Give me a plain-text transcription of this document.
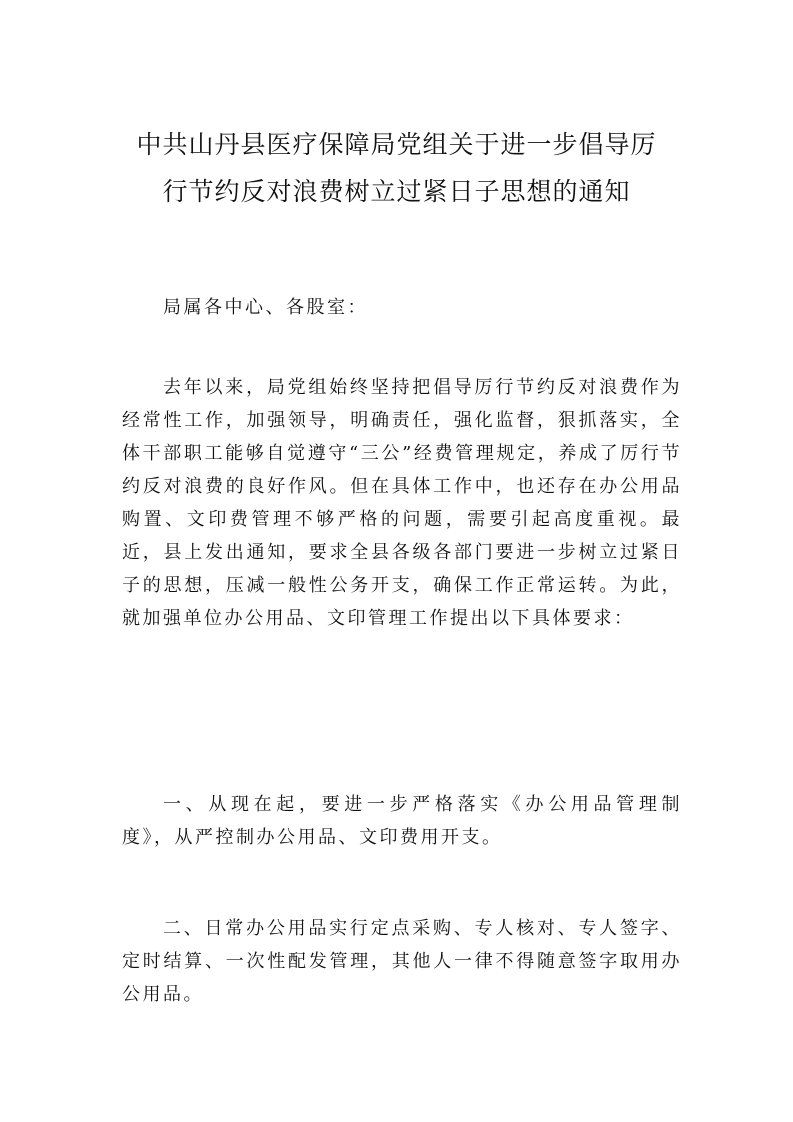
中共山丹县医疗保障局党组关于进一步倡导厉
行节约反对浪费树立过紧日子思想的通知

局属各中心、各股室：

去年以来，局党组始终坚持把倡导厉行节约反对浪费作为经常性工作，加强领导，明确责任，强化监督，狠抓落实，全体干部职工能够自觉遵守“三公”经费管理规定，养成了厉行节约反对浪费的良好作风。但在具体工作中，也还存在办公用品购置、文印费管理不够严格的问题，需要引起高度重视。最近，县上发出通知，要求全县各级各部门要进一步树立过紧日子的思想，压减一般性公务开支，确保工作正常运转。为此，就加强单位办公用品、文印管理工作提出以下具体要求：

一、从现在起，要进一步严格落实《办公用品管理制度》，从严控制办公用品、文印费用开支。

二、日常办公用品实行定点采购、专人核对、专人签字、定时结算、一次性配发管理，其他人一律不得随意签字取用办公用品。
